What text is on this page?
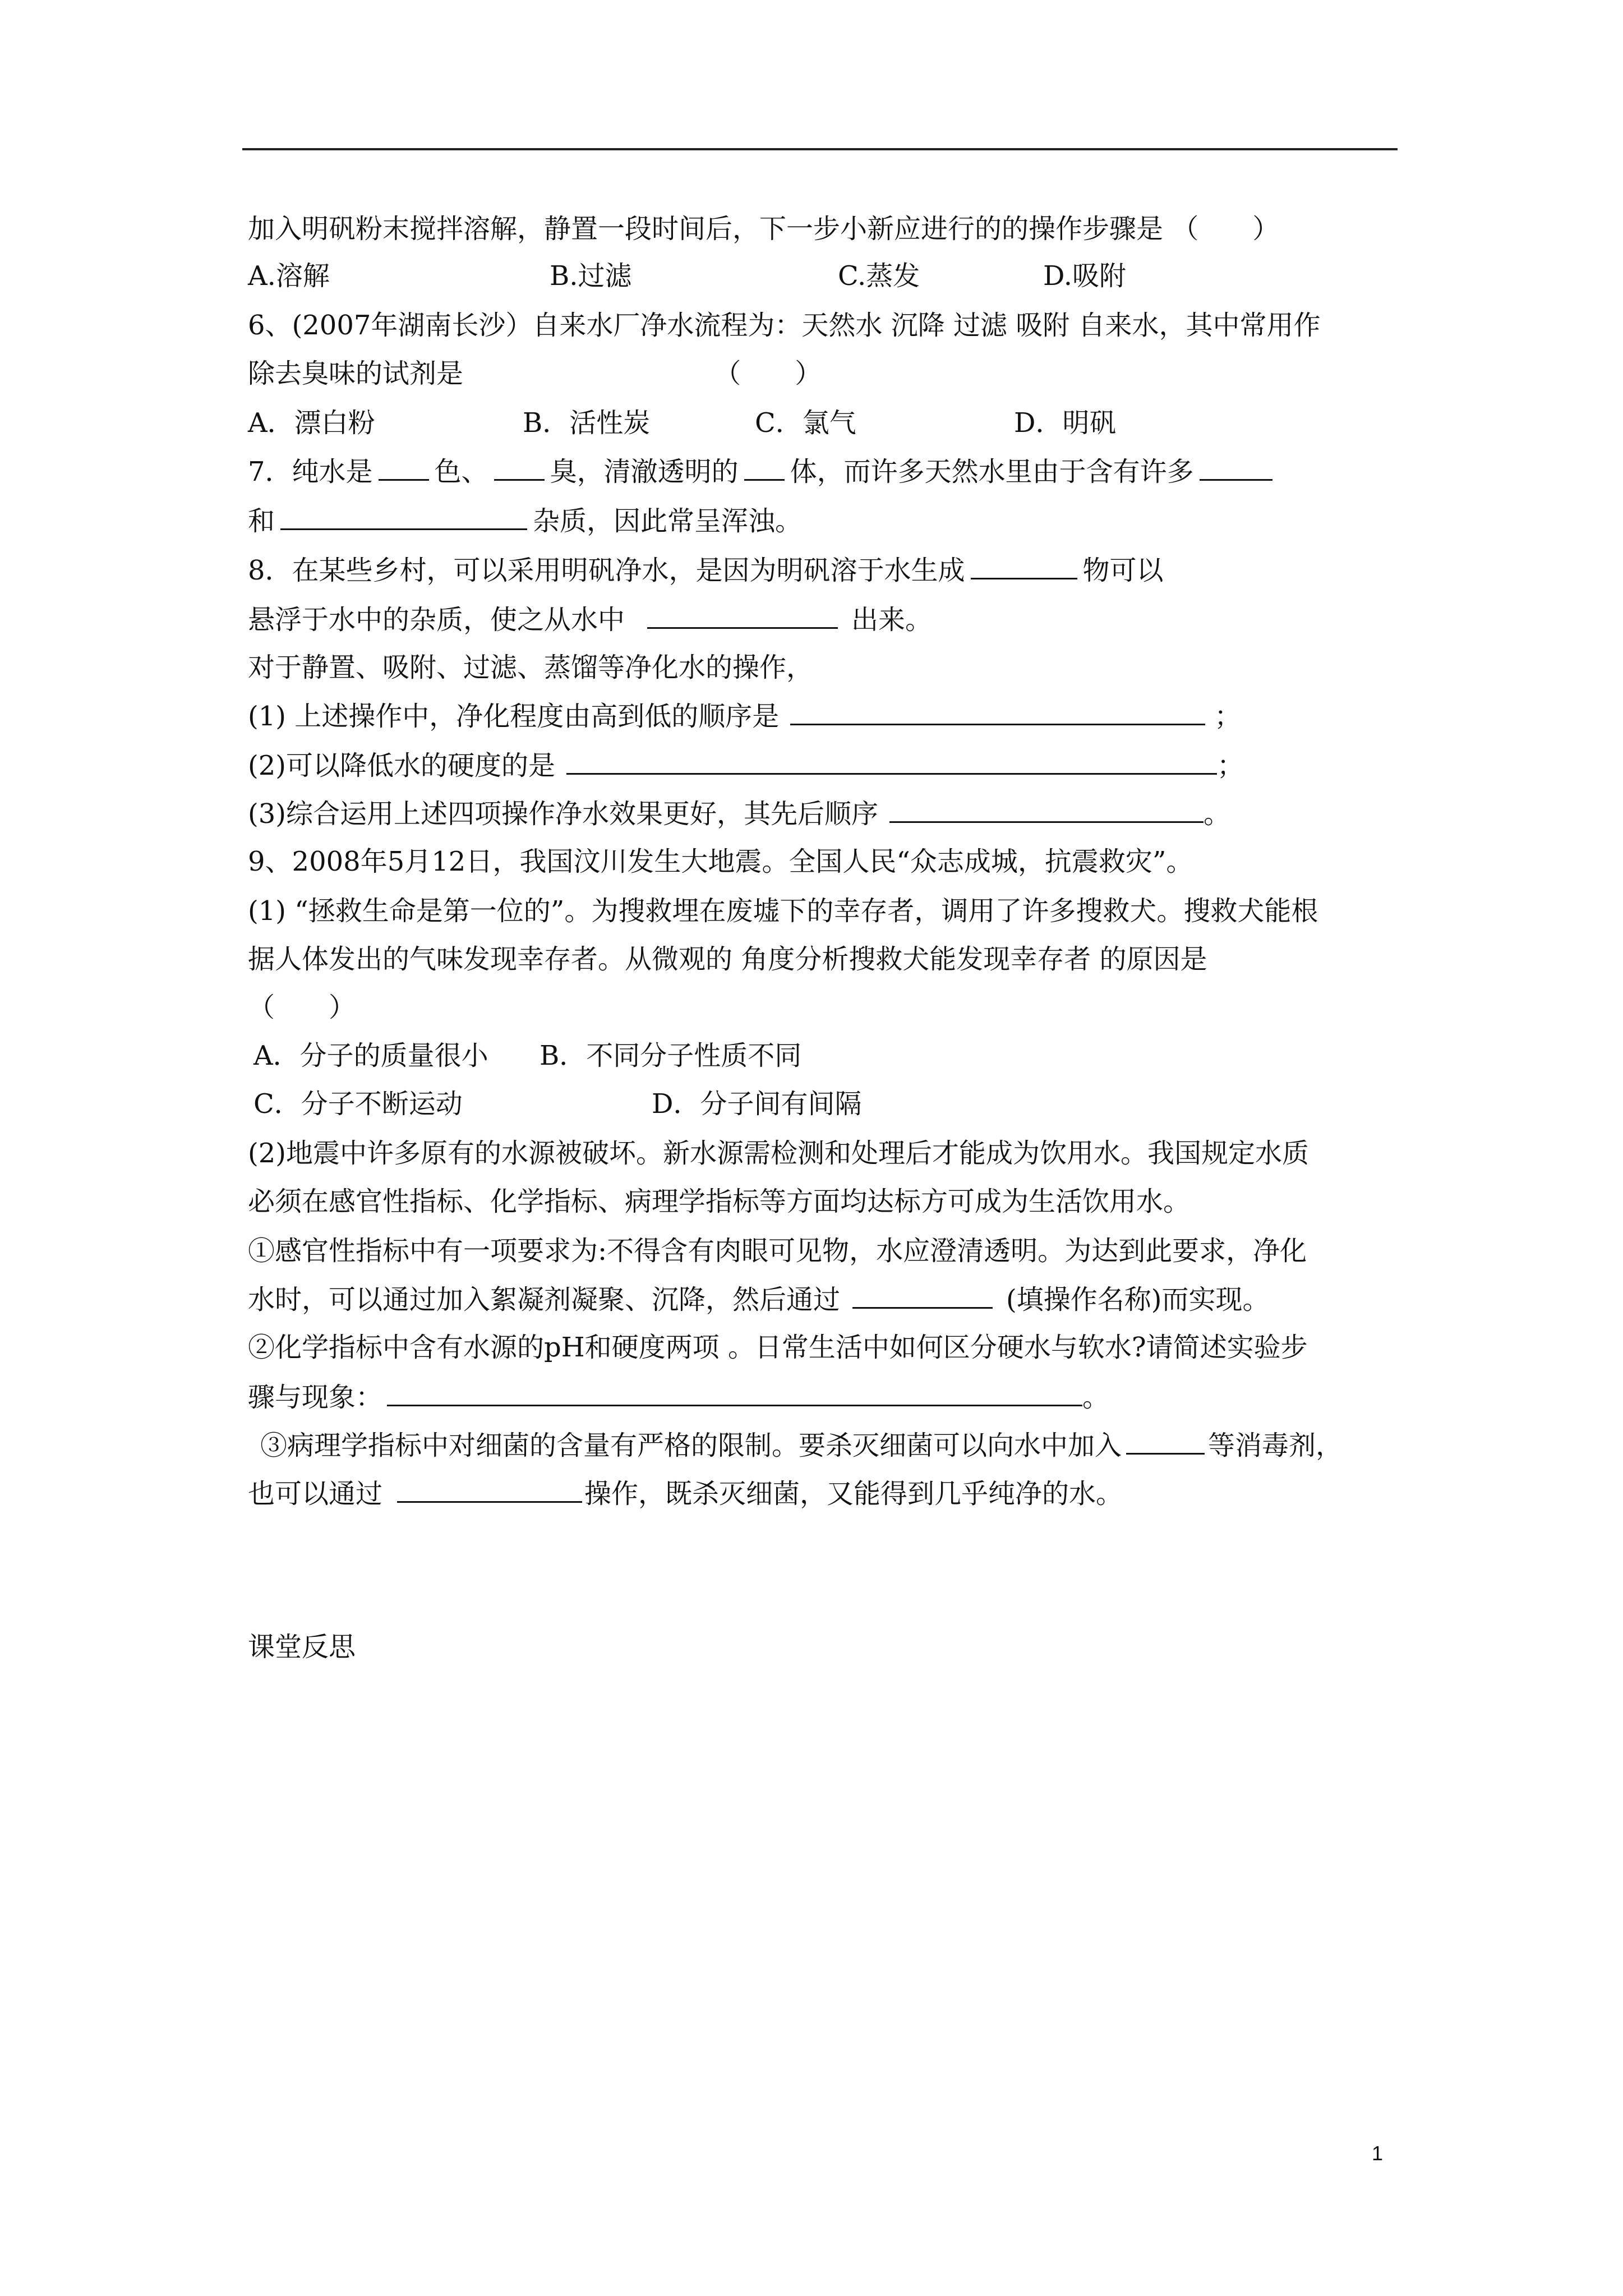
加入明矾粉末搅拌溶解，静置一段时间后，下一步小新应进行的的操作步骤是 （　　）
A.溶解	B.过滤	C.蒸发	D.吸附
6、(2007年湖南长沙）自来水厂净水流程为：天然水 沉降 过滤 吸附 自来水，其中常用作
除去臭味的试剂是　　　　　　　　　 （　　）
A．漂白粉	B．活性炭	C．氯气	D．明矾
7．纯水是 色、 臭，清澈透明的 体，而许多天然水里由于含有许多
和	杂质，因此常呈浑浊。
8．在某些乡村，可以采用明矾净水，是因为明矾溶于水生成	物可以
悬浮于水中的杂质，使之从水中	出来。
对于静置、吸附、过滤、蒸馏等净化水的操作，
(1) 上述操作中，净化程度由高到低的顺序是	；
(2)可以降低水的硬度的是	；
(3)综合运用上述四项操作净水效果更好，其先后顺序	。
9、2008年5月12日，我国汶川发生大地震。全国人民“众志成城，抗震救灾”。
(1) “拯救生命是第一位的”。为搜救埋在废墟下的幸存者，调用了许多搜救犬。搜救犬能根
据人体发出的气味发现幸存者。从微观的 角度分析搜救犬能发现幸存者 的原因是
（　　）
A．分子的质量很小 B．不同分子性质不同
C．分子不断运动	D．分子间有间隔
(2)地震中许多原有的水源被破坏。新水源需检测和处理后才能成为饮用水。我国规定水质
必须在感官性指标、化学指标、病理学指标等方面均达标方可成为生活饮用水。
①感官性指标中有一项要求为:不得含有肉眼可见物，水应澄清透明。为达到此要求，净化
水时，可以通过加入絮凝剂凝聚、沉降，然后通过	(填操作名称)而实现。
②化学指标中含有水源的pH和硬度两项 。日常生活中如何区分硬水与软水?请简述实验步
骤与现象：	。
③病理学指标中对细菌的含量有严格的限制。要杀灭细菌可以向水中加入	等消毒剂，
也可以通过	操作，既杀灭细菌，又能得到几乎纯净的水。
课堂反思
1
